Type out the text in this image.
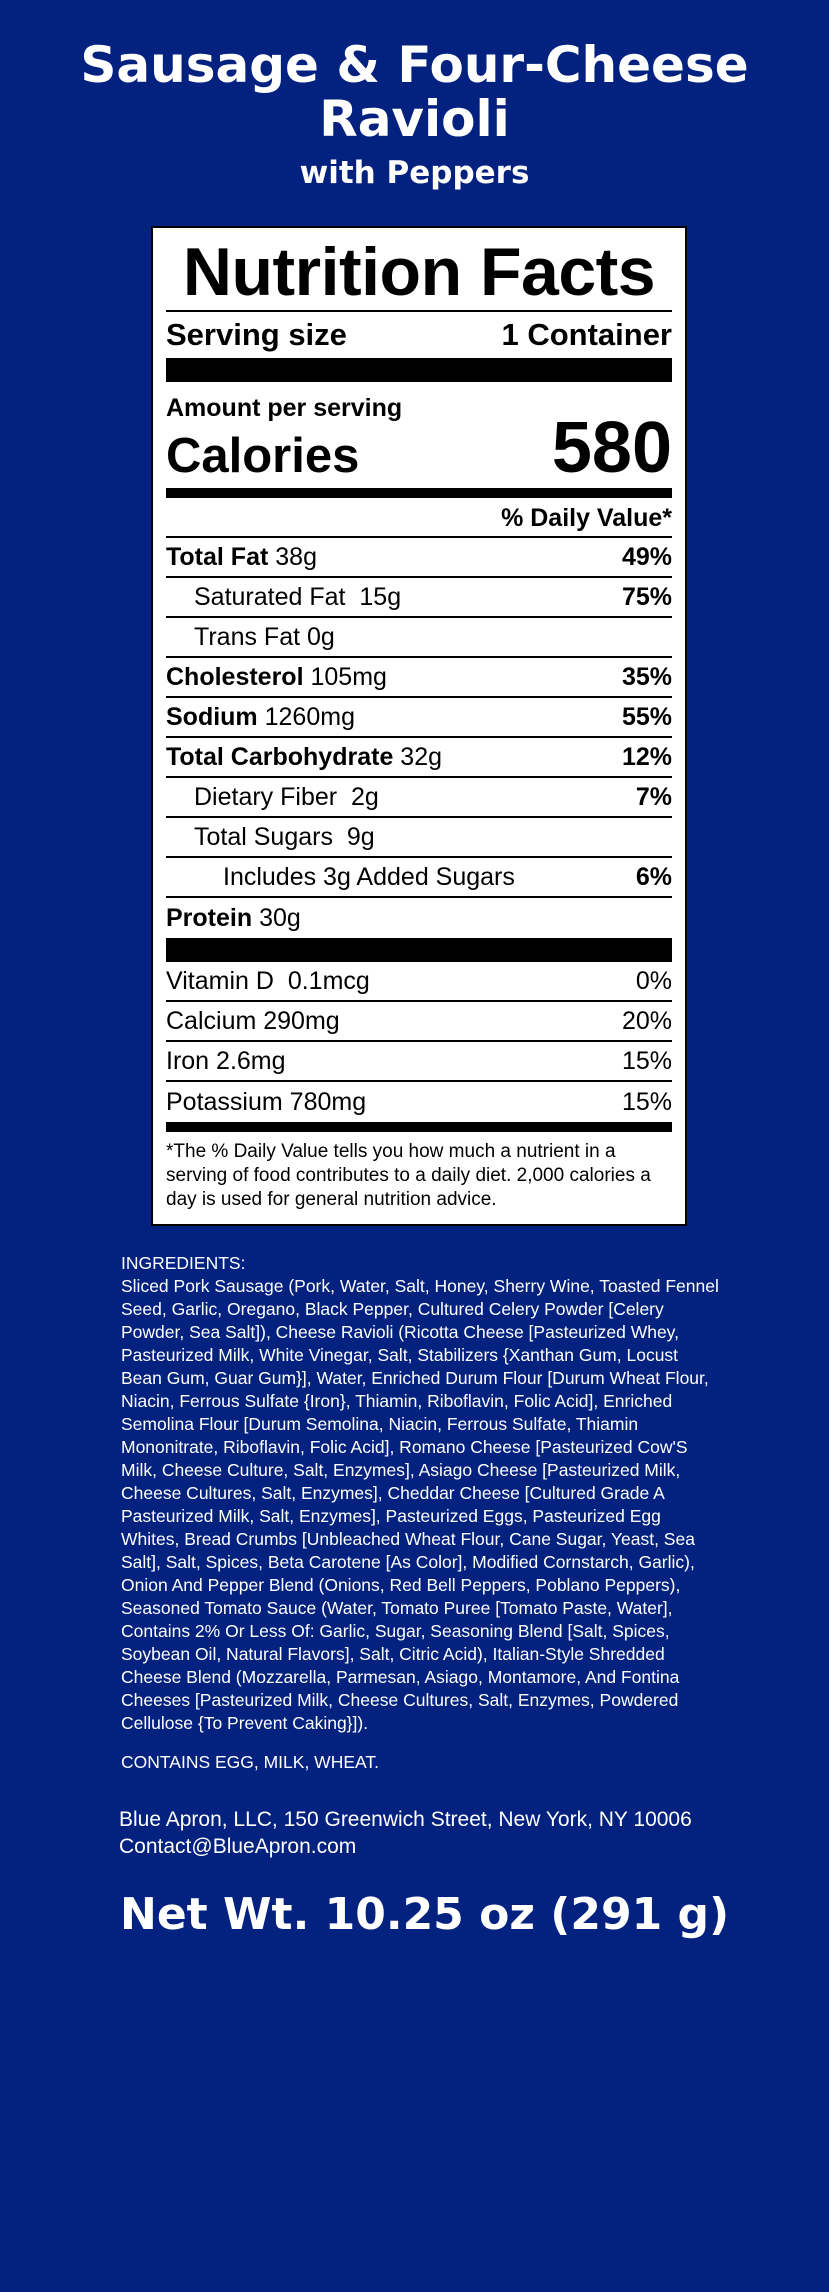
Sausage & Four-Cheese Ravioli
with Peppers
Nutrition Facts
Serving size	1 Container
Amount per serving
Calories	580
% Daily Value*
Total Fat 38g	49%
Saturated Fat 15g	75%
Trans Fat 0g
Cholesterol 105mg	35%
Sodium 1260mg	55%
Total Carbohydrate 32g	12%
Dietary Fiber 2g	7%
Total Sugars 9g
Includes 3g Added Sugars	6%
Protein 30g
Vitamin D 0.1mcg	0%
Calcium 290mg	20%
Iron 2.6mg	15%
Potassium 780mg	15%
*The % Daily Value tells you how much a nutrient in a serving of food contributes to a daily diet. 2,000 calories a day is used for general nutrition advice.
INGREDIENTS:
Sliced Pork Sausage (Pork, Water, Salt, Honey, Sherry Wine, Toasted Fennel Seed, Garlic, Oregano, Black Pepper, Cultured Celery Powder [Celery Powder, Sea Salt]), Cheese Ravioli (Ricotta Cheese [Pasteurized Whey, Pasteurized Milk, White Vinegar, Salt, Stabilizers {Xanthan Gum, Locust Bean Gum, Guar Gum}], Water, Enriched Durum Flour [Durum Wheat Flour, Niacin, Ferrous Sulfate {Iron}, Thiamin, Riboflavin, Folic Acid], Enriched Semolina Flour [Durum Semolina, Niacin, Ferrous Sulfate, Thiamin Mononitrate, Riboflavin, Folic Acid], Romano Cheese [Pasteurized Cow'S Milk, Cheese Culture, Salt, Enzymes], Asiago Cheese [Pasteurized Milk, Cheese Cultures, Salt, Enzymes], Cheddar Cheese [Cultured Grade A Pasteurized Milk, Salt, Enzymes], Pasteurized Eggs, Pasteurized Egg Whites, Bread Crumbs [Unbleached Wheat Flour, Cane Sugar, Yeast, Sea Salt], Salt, Spices, Beta Carotene [As Color], Modified Cornstarch, Garlic), Onion And Pepper Blend (Onions, Red Bell Peppers, Poblano Peppers), Seasoned Tomato Sauce (Water, Tomato Puree [Tomato Paste, Water], Contains 2% Or Less Of: Garlic, Sugar, Seasoning Blend [Salt, Spices, Soybean Oil, Natural Flavors], Salt, Citric Acid), Italian-Style Shredded Cheese Blend (Mozzarella, Parmesan, Asiago, Montamore, And Fontina Cheeses [Pasteurized Milk, Cheese Cultures, Salt, Enzymes, Powdered Cellulose {To Prevent Caking}]).
CONTAINS EGG, MILK, WHEAT.
Blue Apron, LLC, 150 Greenwich Street, New York, NY 10006
Contact@BlueApron.com
Net Wt. 10.25 oz (291 g)
